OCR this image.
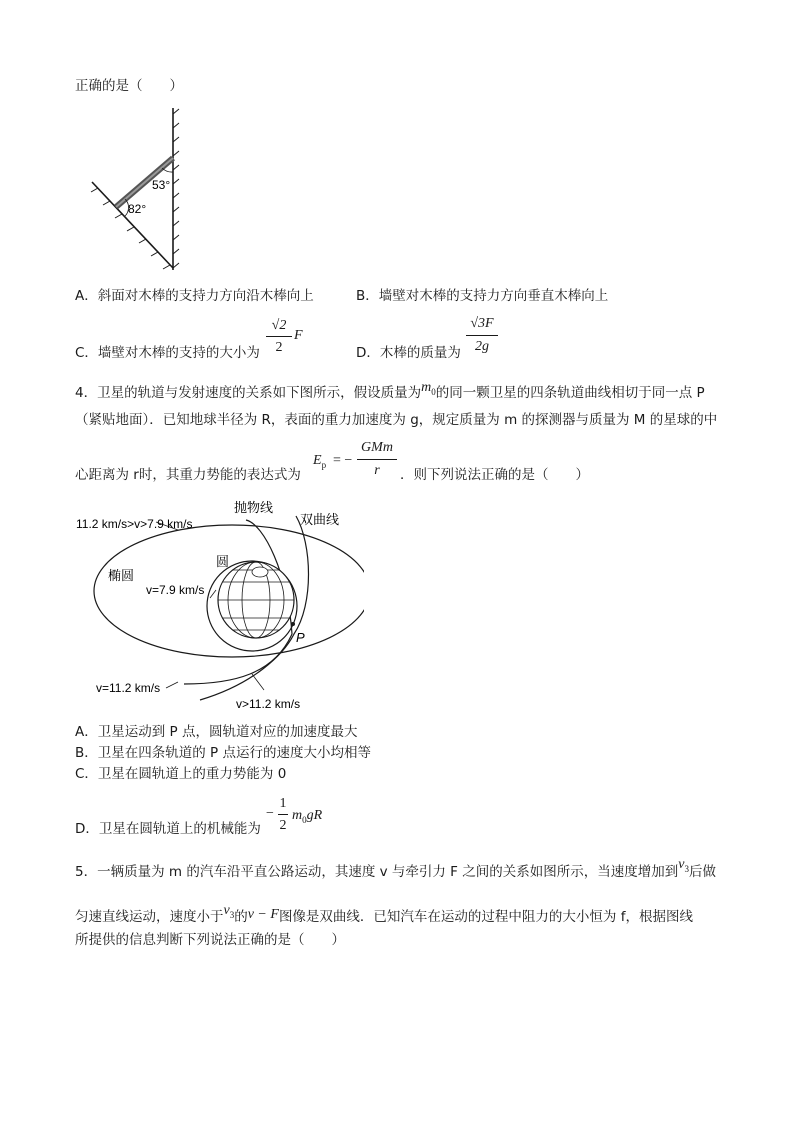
正确的是（　　）
53°
82°
A．斜面对木棒的支持力方向沿木棒向上	B．墙壁对木棒的支持力方向垂直木棒向上
C．墙壁对木棒的支持的大小为
√2
2
F
D．木棒的质量为
√3F
2g
4．卫星的轨道与发射速度的关系如下图所示，假设质量为$m_0$的同一颗卫星的四条轨道曲线相切于同一点 P
（紧贴地面）．已知地球半径为 R，表面的重力加速度为 g，规定质量为 m 的探测器与质量为 M 的星球的中
心距离为 r时，其重力势能的表达式为
$E_p$ = −
GMm
r	．则下列说法正确的是（　　）
11.2 km/s>v>7.9 km/s
抛物线
双曲线
椭圆
圆
v=7.9 km/s
P
v=11.2 km/s
v>11.2 km/s
A．卫星运动到 P 点，圆轨道对应的加速度最大
B．卫星在四条轨道的 P 点运行的速度大小均相等
C．卫星在圆轨道上的重力势能为 0
D．卫星在圆轨道上的机械能为
−
1
2
$m_0gR$
5．一辆质量为 m 的汽车沿平直公路运动，其速度 v 与牵引力 F 之间的关系如图所示，当速度增加到$v_3$后做
匀速直线运动，速度小于$v_3$的v − F图像是双曲线．已知汽车在运动的过程中阻力的大小恒为 f，根据图线
所提供的信息判断下列说法正确的是（　　）
